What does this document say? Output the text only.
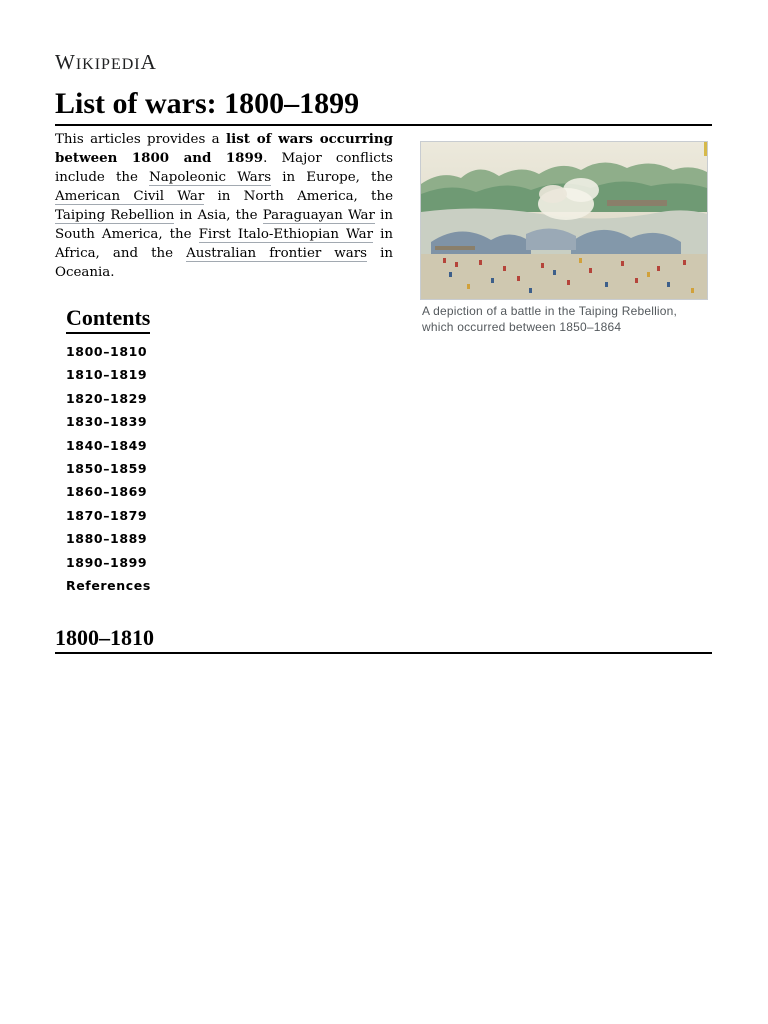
WIKIPEDIA
List of wars: 1800–1899

This articles provides a list of wars occurring between 1800 and 1899. Major conflicts include the Napoleonic Wars in Europe, the American Civil War in North America, the Taiping Rebellion in Asia, the Paraguayan War in South America, the First Italo-Ethiopian War in Africa, and the Australian frontier wars in Oceania.

A depiction of a battle in the Taiping Rebellion, which occurred between 1850–1864
Contents
1800–1810
1810–1819
1820–1829
1830–1839
1840–1849
1850–1859
1860–1869
1870–1879
1880–1889
1890–1899
References
1800–1810
